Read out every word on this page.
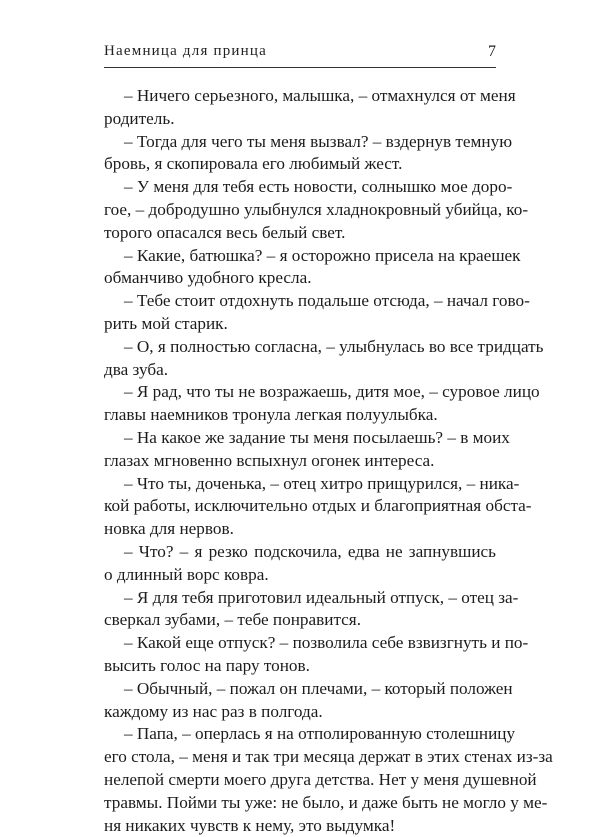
Наемница для принца	7
– Ничего серьезного, малышка, – отмахнулся от меня
родитель.
– Тогда для чего ты меня вызвал? – вздернув темную
бровь, я скопировала его любимый жест.
– У меня для тебя есть новости, солнышко мое дорo-
гое, – добродушно улыбнулся хладнокровный убийца, ко-
торого опасался весь белый свет.
– Какие, батюшка? – я осторожно присела на краешек
обманчиво удобного кресла.
– Тебе стоит отдохнуть подальше отсюда, – начал гово-
рить мой старик.
– О, я полностью согласна, – улыбнулась во все тридцать
два зуба.
– Я рад, что ты не возражаешь, дитя мое, – суровое лицо
главы наемников тронула легкая полуулыбка.
– На какое же задание ты меня посылаешь? – в моих
глазах мгновенно вспыхнул огонек интереса.
– Что ты, доченька, – отец хитро прищурился, – ника-
кой работы, исключительно отдых и благоприятная обста-
новка для нервов.
– Что? – я резко подскочила, едва не запнувшись
о длинный ворс ковра.
– Я для тебя приготовил идеальный отпуск, – отец за-
сверкал зубами, – тебе понравится.
– Какой еще отпуск? – позволила себе взвизгнуть и по-
высить голос на пару тонов.
– Обычный, – пожал он плечами, – который положен
каждому из нас раз в полгода.
– Папа, – оперлась я на отполированную столешницу
его стола, – меня и так три месяца держат в этих стенах из-за
нелепой смерти моего друга детства. Нет у меня душевной
травмы. Пойми ты уже: не было, и даже быть не могло у ме-
ня никаких чувств к нему, это выдумка!
